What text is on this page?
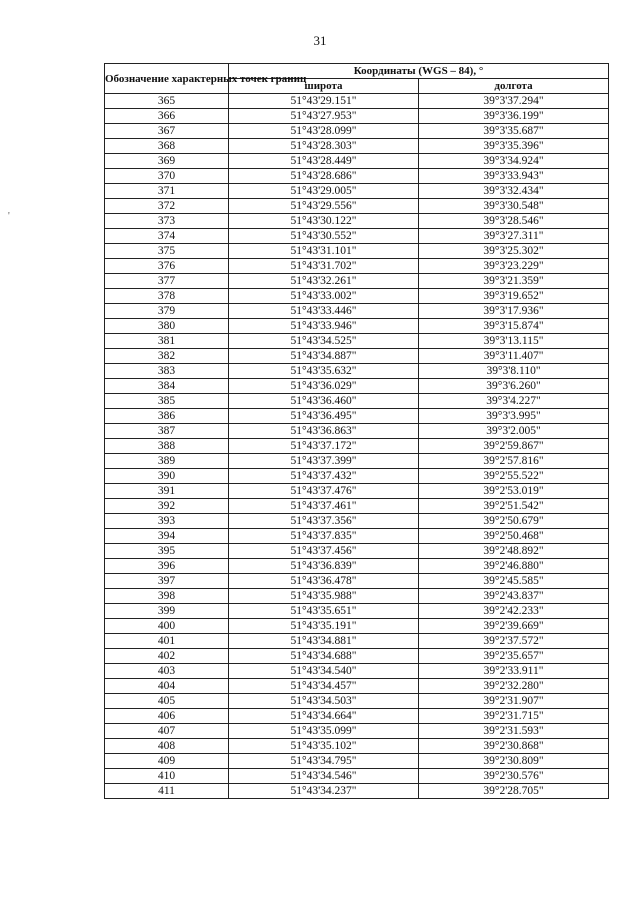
31
'
Обозначение характерных точек границ	Координаты (WGS – 84), °	
	широта	долгота
365	51°43'29.151"	39°3'37.294"
366	51°43'27.953"	39°3'36.199"
367	51°43'28.099"	39°3'35.687"
368	51°43'28.303"	39°3'35.396"
369	51°43'28.449"	39°3'34.924"
370	51°43'28.686"	39°3'33.943"
371	51°43'29.005"	39°3'32.434"
372	51°43'29.556"	39°3'30.548"
373	51°43'30.122"	39°3'28.546"
374	51°43'30.552"	39°3'27.311"
375	51°43'31.101"	39°3'25.302"
376	51°43'31.702"	39°3'23.229"
377	51°43'32.261"	39°3'21.359"
378	51°43'33.002"	39°3'19.652"
379	51°43'33.446"	39°3'17.936"
380	51°43'33.946"	39°3'15.874"
381	51°43'34.525"	39°3'13.115"
382	51°43'34.887"	39°3'11.407"
383	51°43'35.632"	39°3'8.110"
384	51°43'36.029"	39°3'6.260"
385	51°43'36.460"	39°3'4.227"
386	51°43'36.495"	39°3'3.995"
387	51°43'36.863"	39°3'2.005"
388	51°43'37.172"	39°2'59.867"
389	51°43'37.399"	39°2'57.816"
390	51°43'37.432"	39°2'55.522"
391	51°43'37.476"	39°2'53.019"
392	51°43'37.461"	39°2'51.542"
393	51°43'37.356"	39°2'50.679"
394	51°43'37.835"	39°2'50.468"
395	51°43'37.456"	39°2'48.892"
396	51°43'36.839"	39°2'46.880"
397	51°43'36.478"	39°2'45.585"
398	51°43'35.988"	39°2'43.837"
399	51°43'35.651"	39°2'42.233"
400	51°43'35.191"	39°2'39.669"
401	51°43'34.881"	39°2'37.572"
402	51°43'34.688"	39°2'35.657"
403	51°43'34.540"	39°2'33.911"
404	51°43'34.457"	39°2'32.280"
405	51°43'34.503"	39°2'31.907"
406	51°43'34.664"	39°2'31.715"
407	51°43'35.099"	39°2'31.593"
408	51°43'35.102"	39°2'30.868"
409	51°43'34.795"	39°2'30.809"
410	51°43'34.546"	39°2'30.576"
411	51°43'34.237"	39°2'28.705"
